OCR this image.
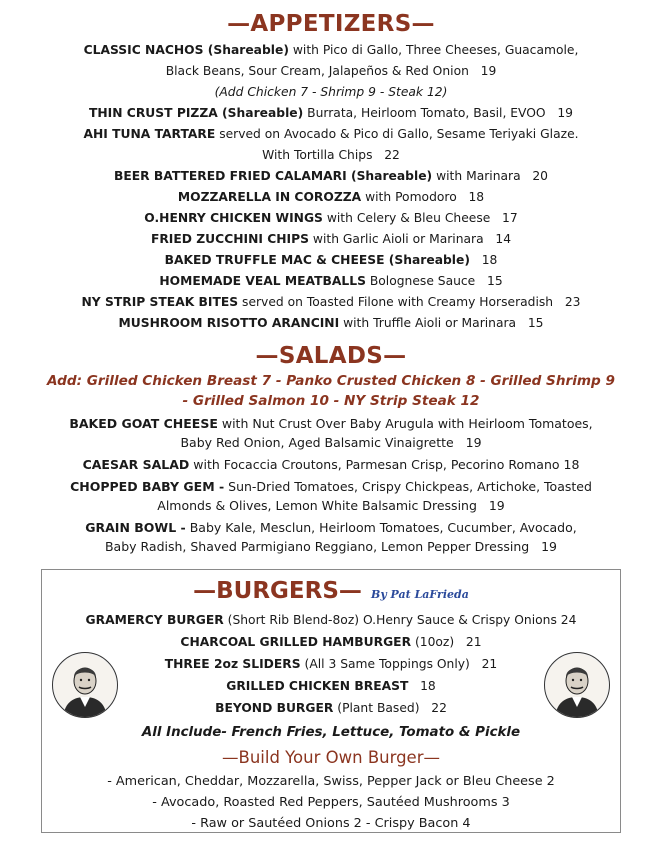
—APPETIZERS—
CLASSIC NACHOS (Shareable) with Pico di Gallo, Three Cheeses, Guacamole,
Black Beans, Sour Cream, Jalapeños & Red Onion 19
(Add Chicken 7 - Shrimp 9 - Steak 12)
THIN CRUST PIZZA (Shareable) Burrata, Heirloom Tomato, Basil, EVOO 19
AHI TUNA TARTARE served on Avocado & Pico di Gallo, Sesame Teriyaki Glaze.
With Tortilla Chips 22
BEER BATTERED FRIED CALAMARI (Shareable) with Marinara 20
MOZZARELLA IN COROZZA with Pomodoro 18
O.HENRY CHICKEN WINGS with Celery & Bleu Cheese 17
FRIED ZUCCHINI CHIPS with Garlic Aioli or Marinara 14
BAKED TRUFFLE MAC & CHEESE (Shareable) 18
HOMEMADE VEAL MEATBALLS Bolognese Sauce 15
NY STRIP STEAK BITES served on Toasted Filone with Creamy Horseradish 23
MUSHROOM RISOTTO ARANCINI with Truffle Aioli or Marinara 15
—SALADS—
Add: Grilled Chicken Breast 7 - Panko Crusted Chicken 8 - Grilled Shrimp 9
- Grilled Salmon 10 - NY Strip Steak 12
BAKED GOAT CHEESE with Nut Crust Over Baby Arugula with Heirloom Tomatoes,
Baby Red Onion, Aged Balsamic Vinaigrette 19
CAESAR SALAD with Focaccia Croutons, Parmesan Crisp, Pecorino Romano 18
CHOPPED BABY GEM - Sun-Dried Tomatoes, Crispy Chickpeas, Artichoke, Toasted
Almonds & Olives, Lemon White Balsamic Dressing 19
GRAIN BOWL - Baby Kale, Mesclun, Heirloom Tomatoes, Cucumber, Avocado,
Baby Radish, Shaved Parmigiano Reggiano, Lemon Pepper Dressing 19
—BURGERS— By Pat LaFrieda
GRAMERCY BURGER (Short Rib Blend-8oz) O.Henry Sauce & Crispy Onions 24
CHARCOAL GRILLED HAMBURGER (10oz) 21
THREE 2oz SLIDERS (All 3 Same Toppings Only) 21
GRILLED CHICKEN BREAST 18
BEYOND BURGER (Plant Based) 22
All Include- French Fries, Lettuce, Tomato & Pickle
—Build Your Own Burger—
- American, Cheddar, Mozzarella, Swiss, Pepper Jack or Bleu Cheese 2
- Avocado, Roasted Red Peppers, Sautéed Mushrooms 3
- Raw or Sautéed Onions 2 - Crispy Bacon 4
